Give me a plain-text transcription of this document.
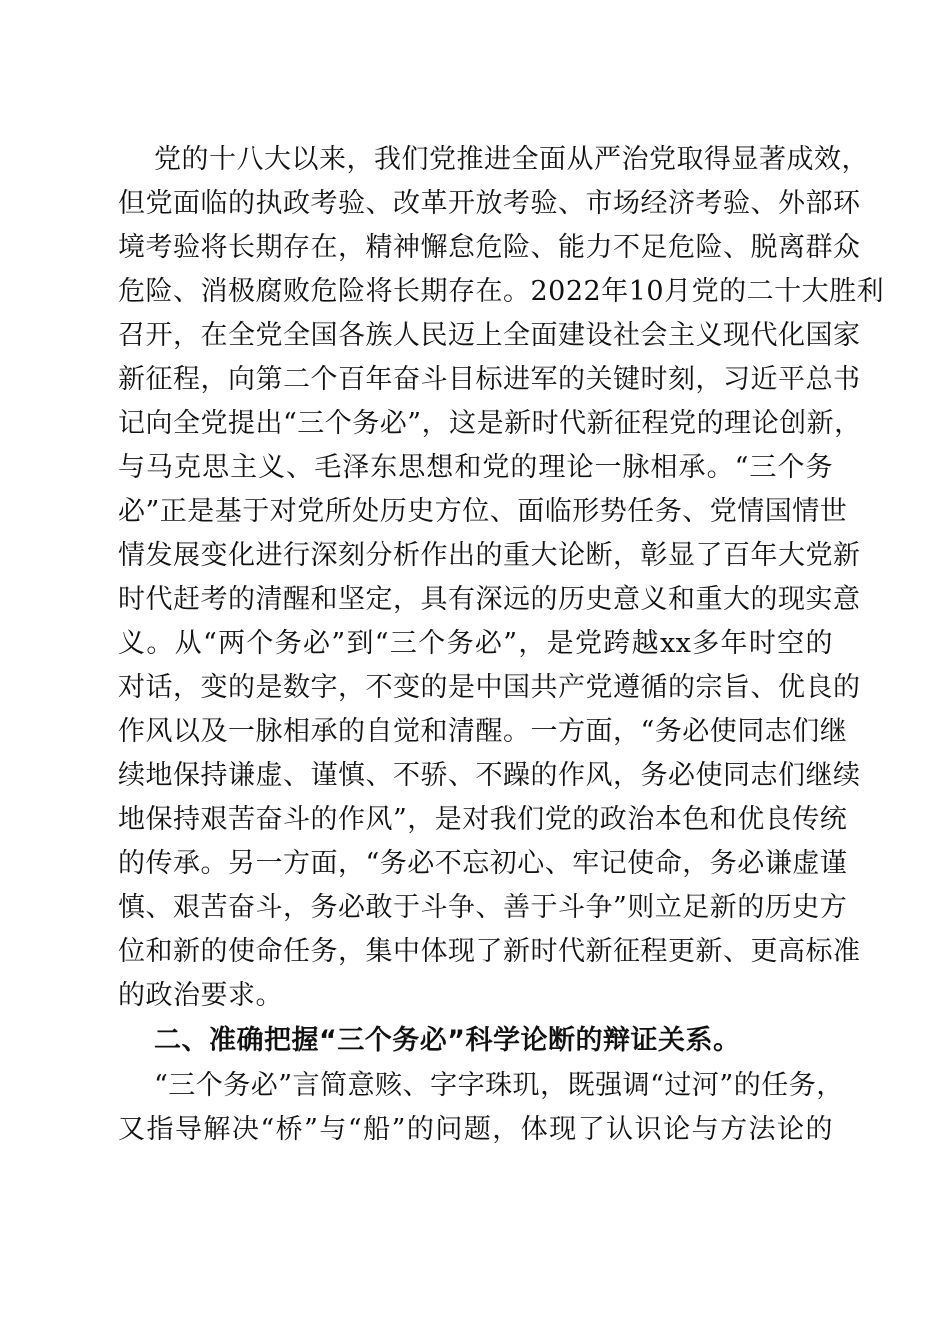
党的十八大以来，我们党推进全面从严治党取得显著成效，
但党面临的执政考验、改革开放考验、市场经济考验、外部环
境考验将长期存在，精神懈怠危险、能力不足危险、脱离群众
危险、消极腐败危险将长期存在。2022年10月党的二十大胜利
召开，在全党全国各族人民迈上全面建设社会主义现代化国家
新征程，向第二个百年奋斗目标进军的关键时刻，习近平总书
记向全党提出“三个务必”，这是新时代新征程党的理论创新，
与马克思主义、毛泽东思想和党的理论一脉相承。“三个务
必”正是基于对党所处历史方位、面临形势任务、党情国情世
情发展变化进行深刻分析作出的重大论断，彰显了百年大党新
时代赶考的清醒和坚定，具有深远的历史意义和重大的现实意
义。从“两个务必”到“三个务必”，是党跨越xx多年时空的
对话，变的是数字，不变的是中国共产党遵循的宗旨、优良的
作风以及一脉相承的自觉和清醒。一方面，“务必使同志们继
续地保持谦虚、谨慎、不骄、不躁的作风，务必使同志们继续
地保持艰苦奋斗的作风”，是对我们党的政治本色和优良传统
的传承。另一方面，“务必不忘初心、牢记使命，务必谦虚谨
慎、艰苦奋斗，务必敢于斗争、善于斗争”则立足新的历史方
位和新的使命任务，集中体现了新时代新征程更新、更高标准
的政治要求。
二、准确把握“三个务必”科学论断的辩证关系。
“三个务必”言简意赅、字字珠玑，既强调“过河”的任务，
又指导解决“桥”与“船”的问题，体现了认识论与方法论的
